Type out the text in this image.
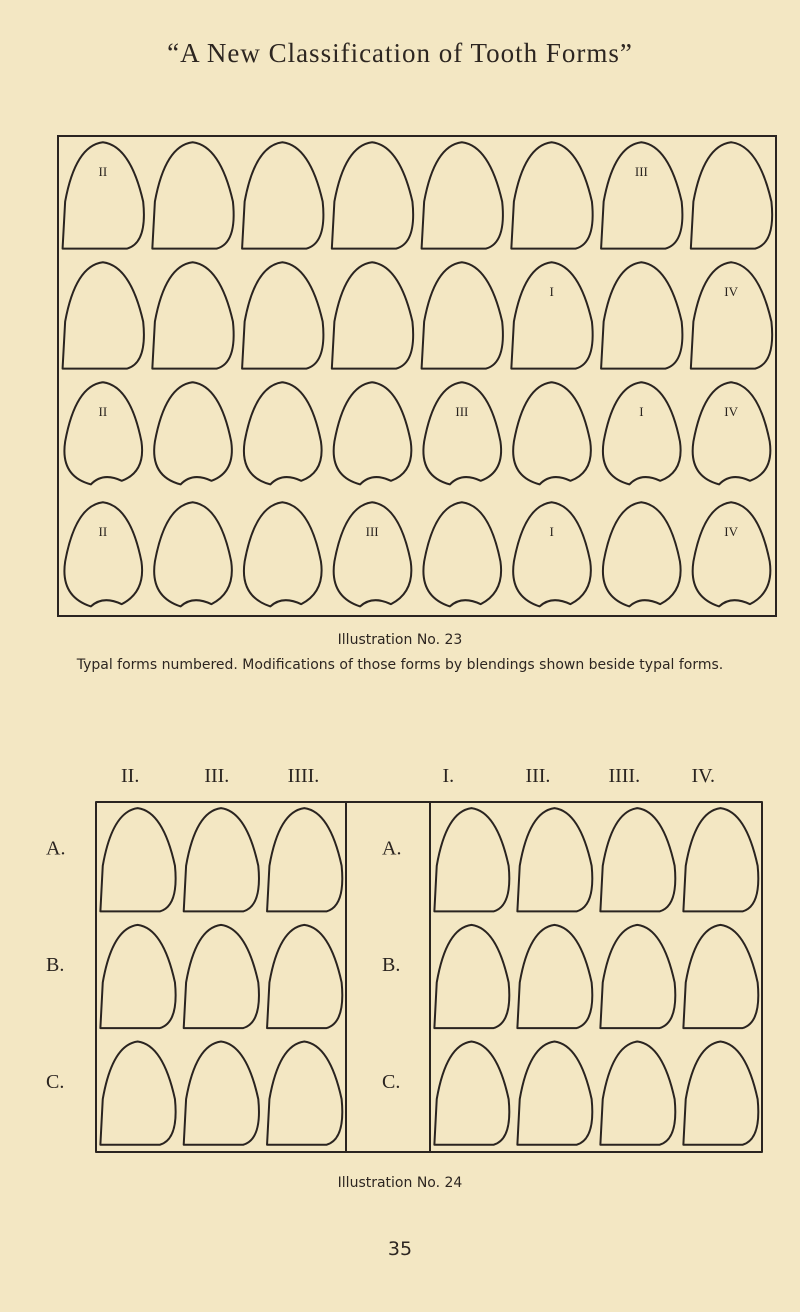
“A New Classification of Tooth Forms”
II	III
I	IV
II	III	I	IV
II	III	I	IV
Illustration No. 23
Typal forms numbered. Modifications of those forms by blendings shown beside typal forms.
II.	III.	IIII.	I.	III.	IIII.	IV.
A.	A.
B.	B.
C.	C.
Illustration No. 24
35
